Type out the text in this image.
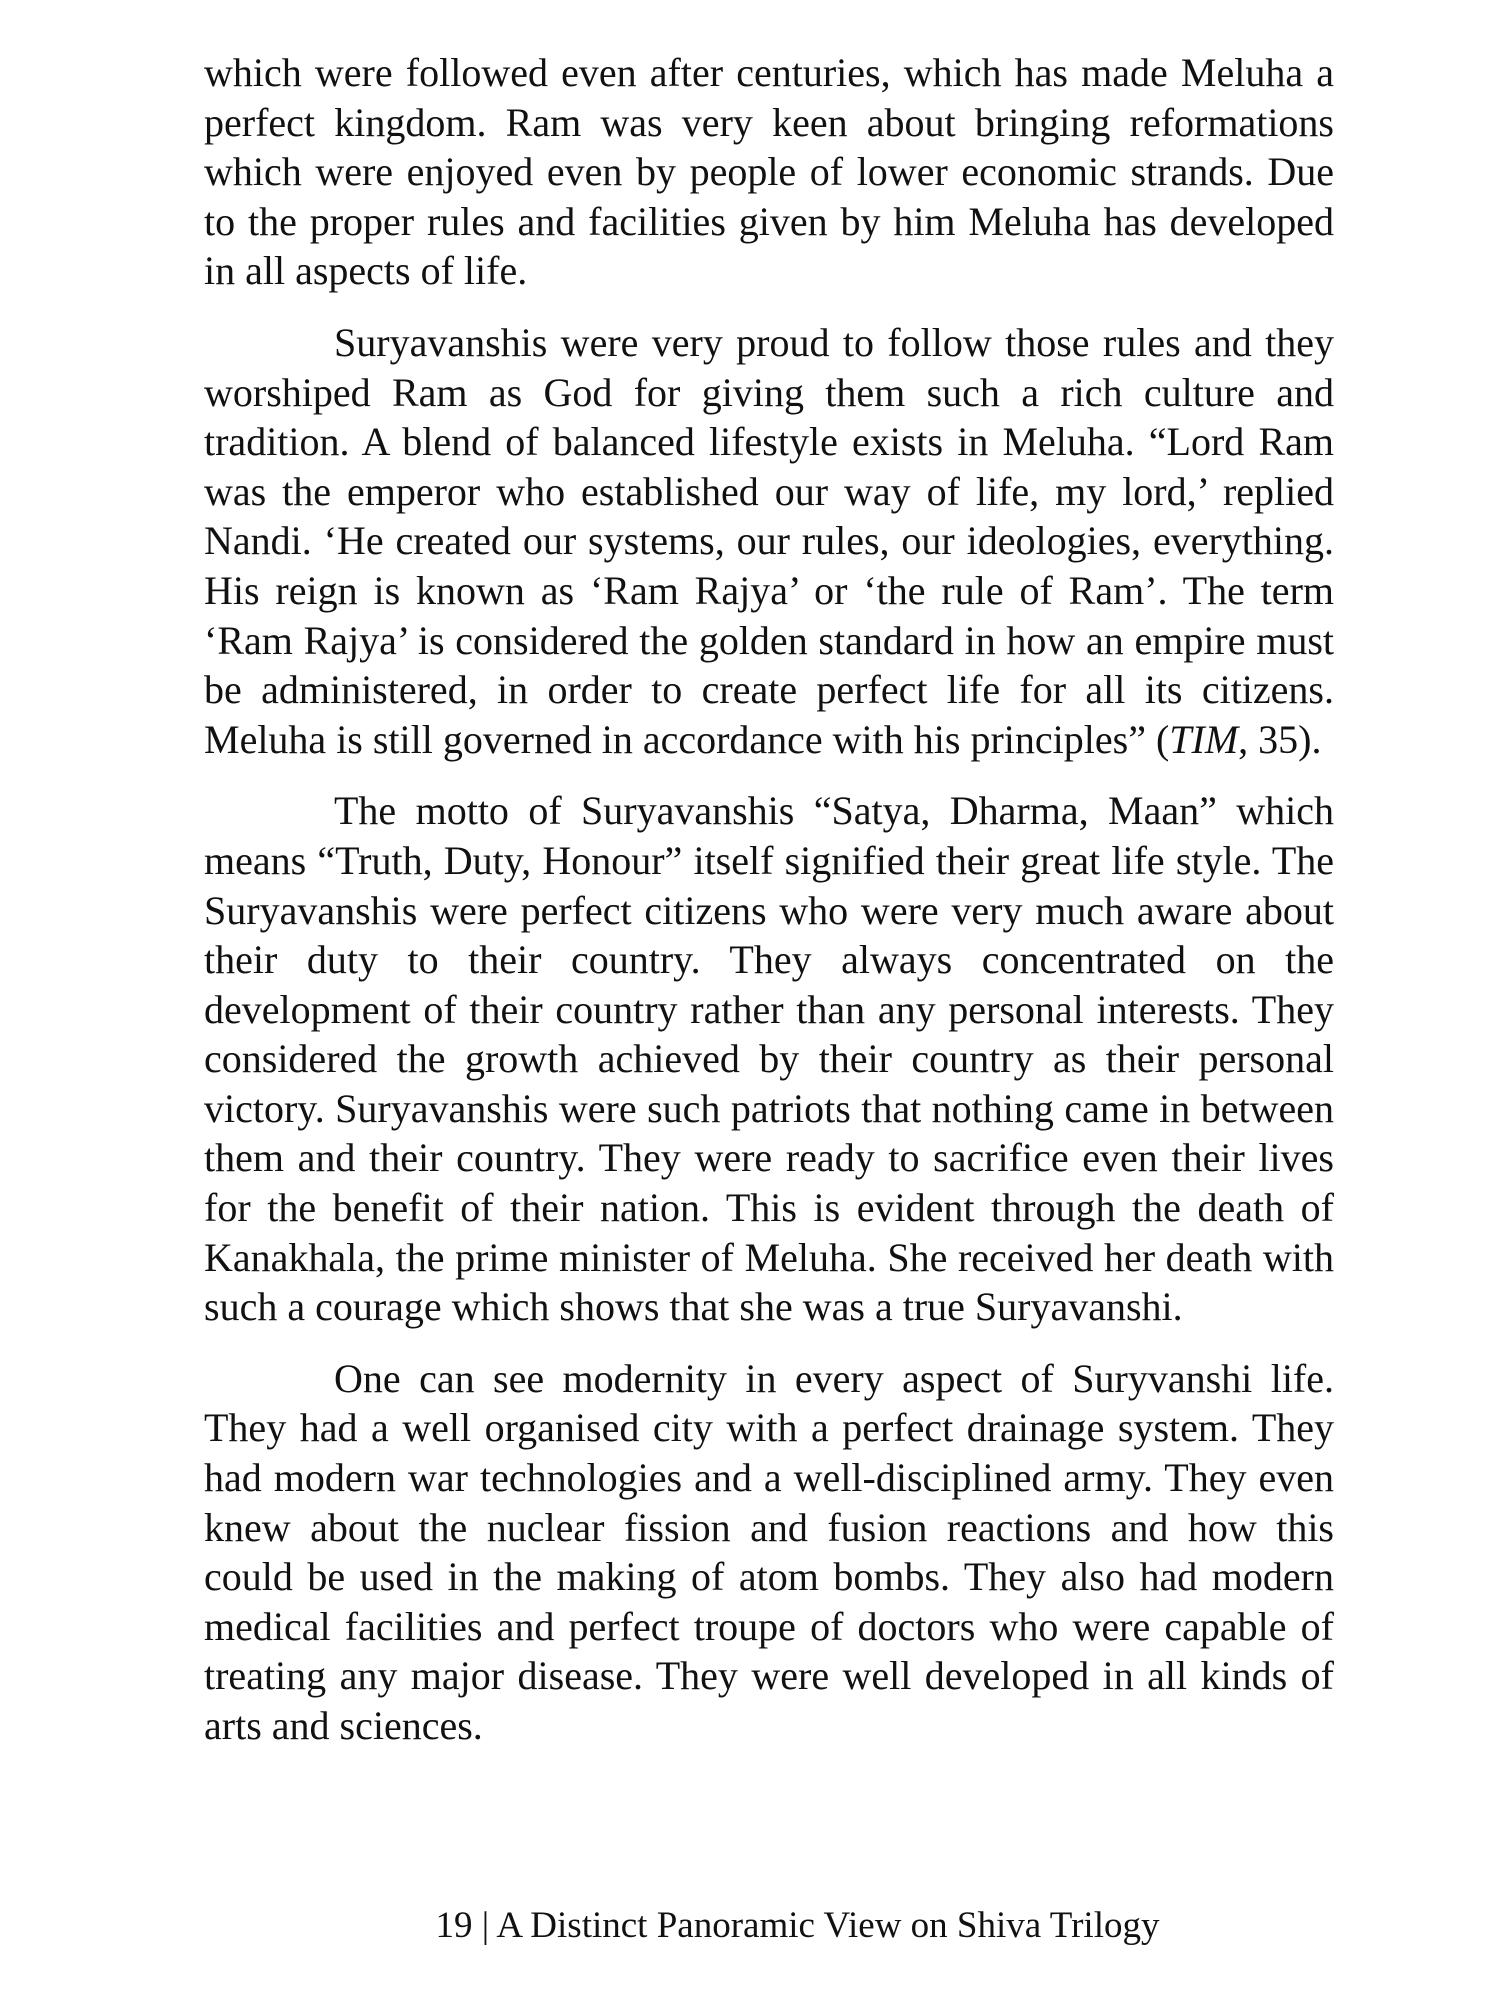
which were followed even after centuries, which has made Meluha a perfect kingdom. Ram was very keen about bringing reformations which were enjoyed even by people of lower economic strands. Due to the proper rules and facilities given by him Meluha has developed in all aspects of life.

Suryavanshis were very proud to follow those rules and they worshiped Ram as God for giving them such a rich culture and tradition. A blend of balanced lifestyle exists in Meluha. “Lord Ram was the emperor who established our way of life, my lord,’ replied Nandi. ‘He created our systems, our rules, our ideologies, everything. His reign is known as ‘Ram Rajya’ or ‘the rule of Ram’. The term ‘Ram Rajya’ is considered the golden standard in how an empire must be administered, in order to create perfect life for all its citizens. Meluha is still governed in accordance with his principles” (TIM, 35).

The motto of Suryavanshis “Satya, Dharma, Maan” which means “Truth, Duty, Honour” itself signified their great life style. The Suryavanshis were perfect citizens who were very much aware about their duty to their country. They always concentrated on the development of their country rather than any personal interests. They considered the growth achieved by their country as their personal victory. Suryavanshis were such patriots that nothing came in between them and their country. They were ready to sacrifice even their lives for the benefit of their nation. This is evident through the death of Kanakhala, the prime minister of Meluha. She received her death with such a courage which shows that she was a true Suryavanshi.

One can see modernity in every aspect of Suryvanshi life. They had a well organised city with a perfect drainage system. They had modern war technologies and a well-disciplined army. They even knew about the nuclear fission and fusion reactions and how this could be used in the making of atom bombs. They also had modern medical facilities and perfect troupe of doctors who were capable of treating any major disease. They were well developed in all kinds of arts and sciences.

19 | A Distinct Panoramic View on Shiva Trilogy
